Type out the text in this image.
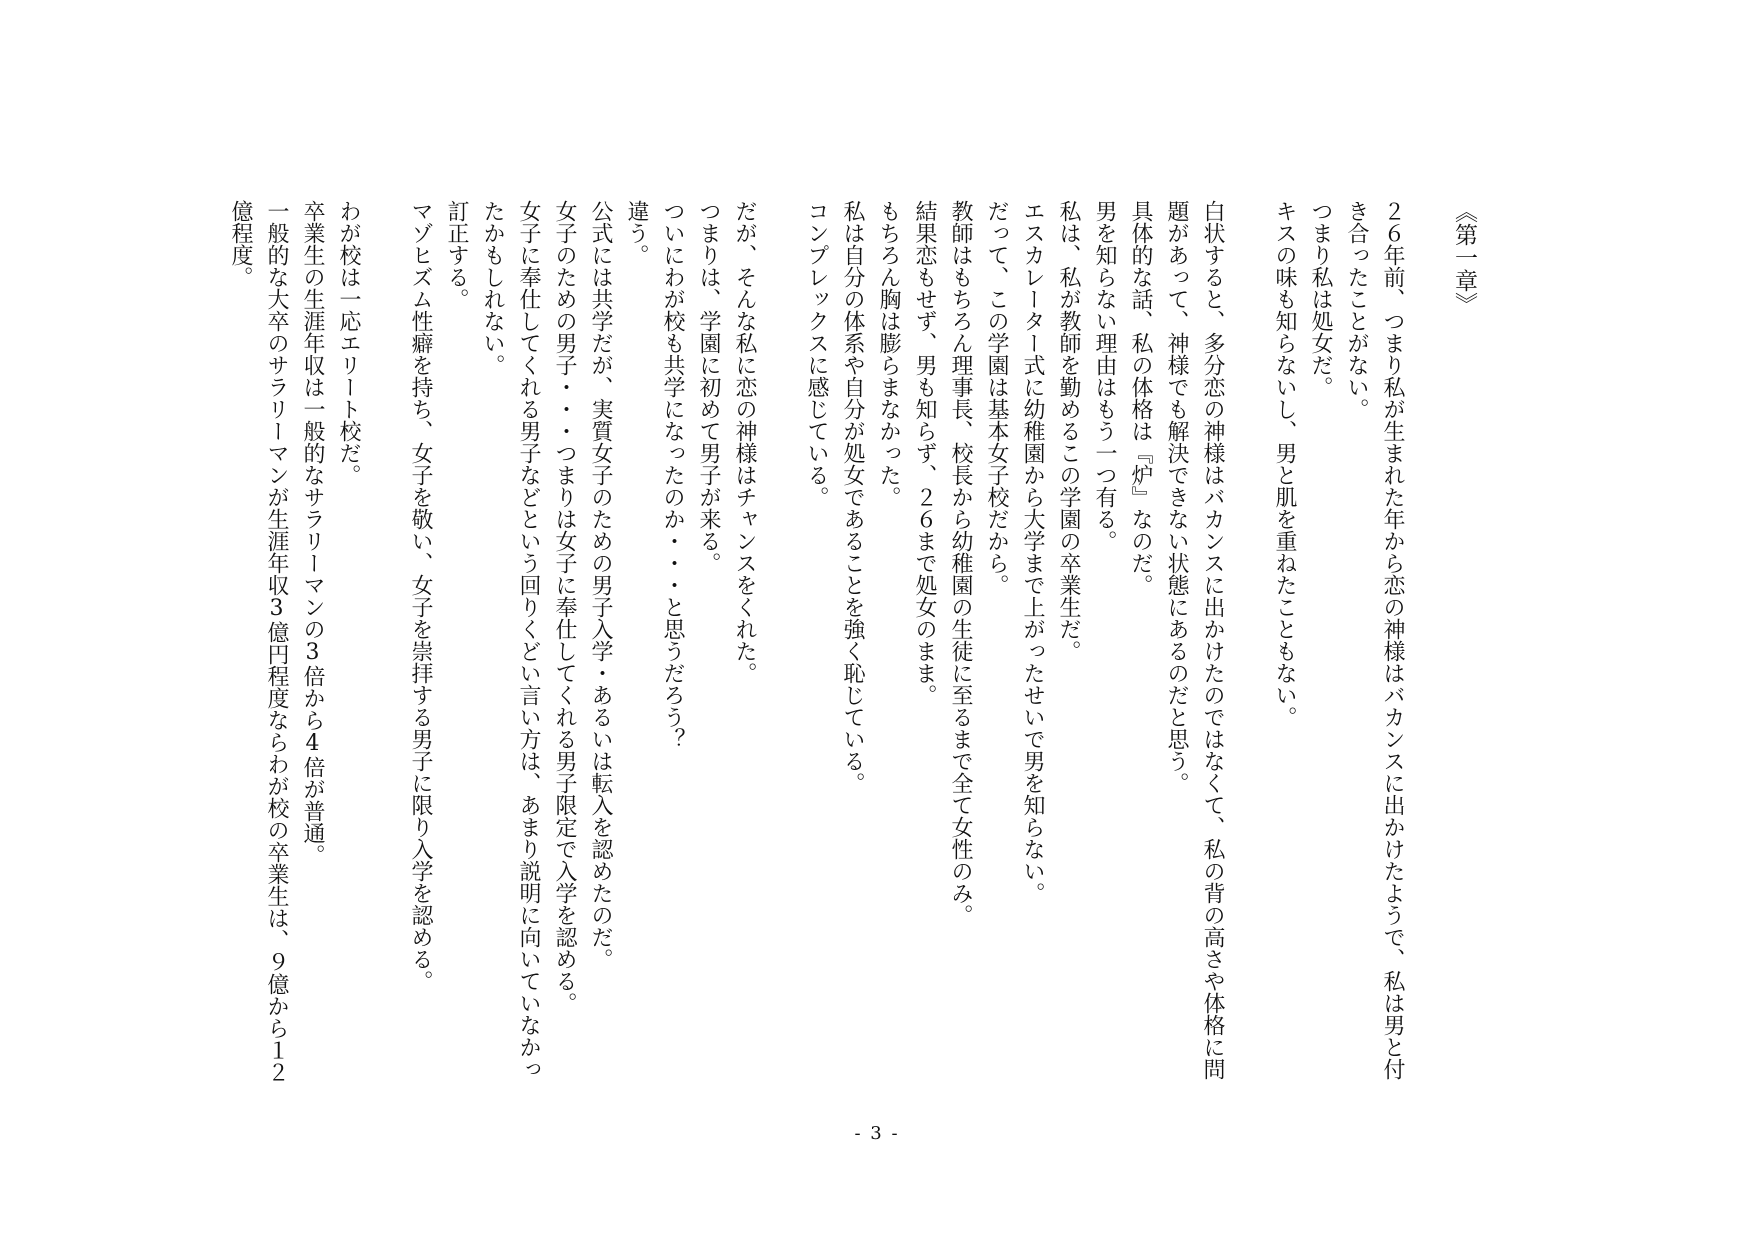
《第一章》

２６年前、つまり私が生まれた年から恋の神様はバカンスに出かけたようで、私は男と付き合ったことがない。

つまり私は処女だ。

キスの味も知らないし、男と肌を重ねたこともない。

白状すると、多分恋の神様はバカンスに出かけたのではなくて、私の背の高さや体格に問題があって、神様でも解決できない状態にあるのだと思う。

具体的な話、私の体格は『炉』なのだ。

男を知らない理由はもう一つ有る。

私は、私が教師を勤めるこの学園の卒業生だ。

エスカレーター式に幼稚園から大学まで上がったせいで男を知らない。

だって、この学園は基本女子校だから。

教師はもちろん理事長、校長から幼稚園の生徒に至るまで全て女性のみ。

結果恋もせず、男も知らず、２６まで処女のまま。

もちろん胸は膨らまなかった。

私は自分の体系や自分が処女であることを強く恥じている。

コンプレックスに感じている。

だが、そんな私に恋の神様はチャンスをくれた。

つまりは、学園に初めて男子が来る。

ついにわが校も共学になったのか・・・と思うだろう？

違う。

公式には共学だが、実質女子のための男子入学・あるいは転入を認めたのだ。

女子のための男子・・・つまりは女子に奉仕してくれる男子限定で入学を認める。

女子に奉仕してくれる男子などという回りくどい言い方は、あまり説明に向いていなかったかもしれない。

訂正する。

マゾヒズム性癖を持ち、女子を敬い、女子を崇拝する男子に限り入学を認める。

わが校は一応エリート校だ。

卒業生の生涯年収は一般的なサラリーマンの3倍から4倍が普通。

一般的な大卒のサラリーマンが生涯年収3億円程度ならわが校の卒業生は、９億から１２億程度。

- 3 -
